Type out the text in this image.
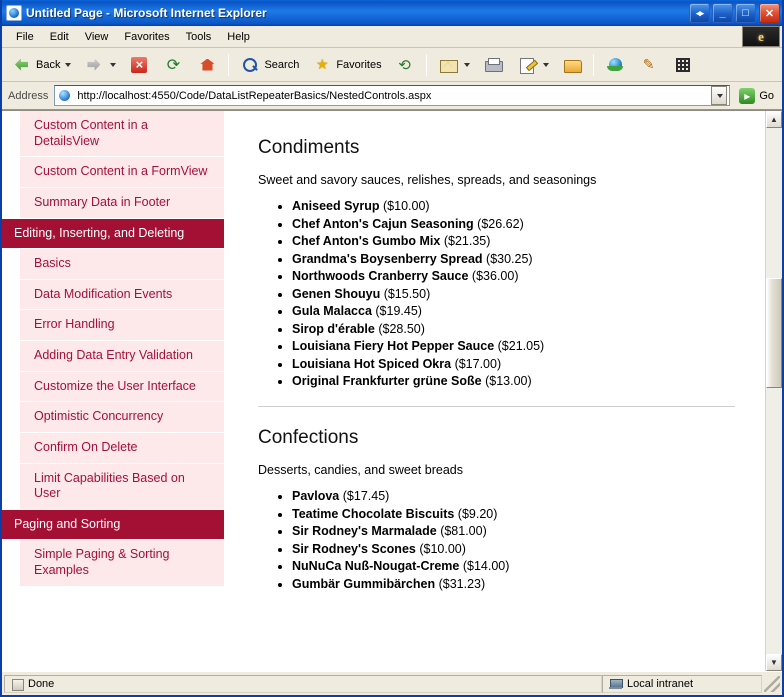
Untitled Page - Microsoft Internet Explorer	◂▸	_	□	✕
File	Edit	View	Favorites	Tools	Help	e
Back × ⟳	Search ★	Favorites
⟲
✎
Address	http://localhost:4550/Code/DataListRepeaterBasics/NestedControls.aspx ▸	Go
Custom Content in a DetailsView
Custom Content in a FormView
Summary Data in Footer
Editing, Inserting, and Deleting
Basics
Data Modification Events
Error Handling
Adding Data Entry Validation
Customize the User Interface
Optimistic Concurrency
Confirm On Delete
Limit Capabilities Based on User
Paging and Sorting
Simple Paging & Sorting Examples
Condiments
Sweet and savory sauces, relishes, spreads, and seasonings
• Aniseed Syrup ($10.00)
• Chef Anton's Cajun Seasoning ($26.62)
• Chef Anton's Gumbo Mix ($21.35)
• Grandma's Boysenberry Spread ($30.25)
• Northwoods Cranberry Sauce ($36.00)
• Genen Shouyu ($15.50)
• Gula Malacca ($19.45)
• Sirop d'érable ($28.50)
• Louisiana Fiery Hot Pepper Sauce ($21.05)
• Louisiana Hot Spiced Okra ($17.00)
• Original Frankfurter grüne Soße ($13.00)
Confections
Desserts, candies, and sweet breads
• Pavlova ($17.45)
• Teatime Chocolate Biscuits ($9.20)
• Sir Rodney's Marmalade ($81.00)
• Sir Rodney's Scones ($10.00)
• NuNuCa Nuß-Nougat-Creme ($14.00)
• Gumbär Gummibärchen ($31.23)
▲
▼
Done	Local intranet
